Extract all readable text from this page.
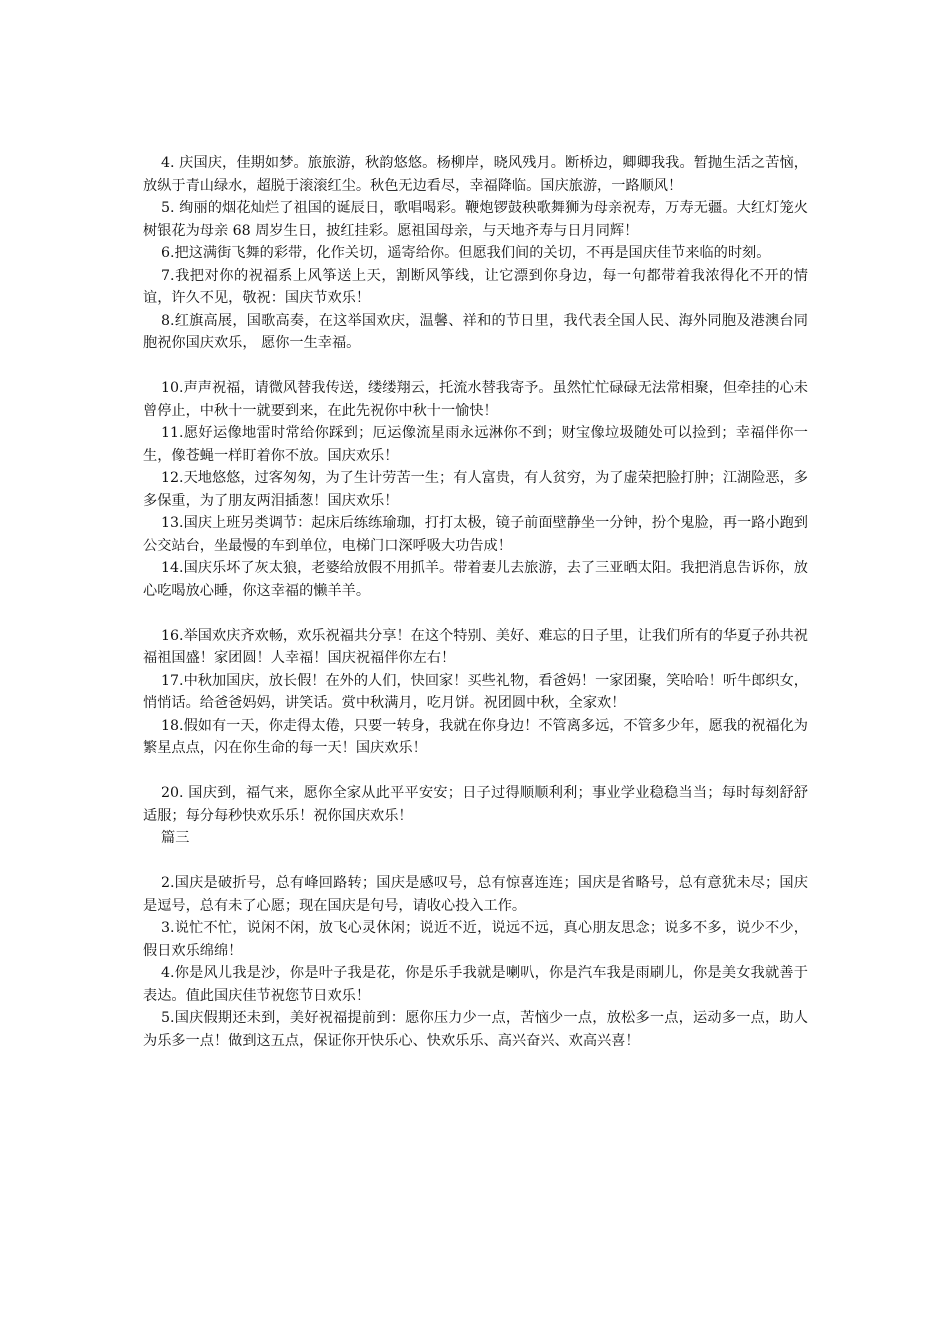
4. 庆国庆，佳期如梦。旅旅游，秋韵悠悠。杨柳岸，晓风残月。断桥边，卿卿我我。暂抛生活之苦恼，放纵于青山绿水，超脱于滚滚红尘。秋色无边看尽，幸福降临。国庆旅游，一路顺风！

5. 绚丽的烟花灿烂了祖国的诞辰日，歌唱喝彩。鞭炮锣鼓秧歌舞狮为母亲祝寿，万寿无疆。大红灯笼火树银花为母亲 68 周岁生日，披红挂彩。愿祖国母亲，与天地齐寿与日月同辉！

6.把这满街飞舞的彩带，化作关切，遥寄给你。但愿我们间的关切，不再是国庆佳节来临的时刻。

7.我把对你的祝福系上风筝送上天，割断风筝线，让它漂到你身边，每一句都带着我浓得化不开的情谊，许久不见，敬祝：国庆节欢乐！

8.红旗高展，国歌高奏，在这举国欢庆，温馨、祥和的节日里，我代表全国人民、海外同胞及港澳台同胞祝你国庆欢乐， 愿你一生幸福。

10.声声祝福，请微风替我传送，缕缕翔云，托流水替我寄予。虽然忙忙碌碌无法常相聚，但牵挂的心未曾停止，中秋十一就要到来，在此先祝你中秋十一愉快！

11.愿好运像地雷时常给你踩到；厄运像流星雨永远淋你不到；财宝像垃圾随处可以捡到；幸福伴你一生，像苍蝇一样盯着你不放。国庆欢乐！

12.天地悠悠，过客匆匆，为了生计劳苦一生；有人富贵，有人贫穷，为了虚荣把脸打肿；江湖险恶，多多保重，为了朋友两泪插葱！国庆欢乐！

13.国庆上班另类调节：起床后练练瑜珈，打打太极，镜子前面壁静坐一分钟，扮个鬼脸，再一路小跑到公交站台，坐最慢的车到单位，电梯门口深呼吸大功告成！

14.国庆乐坏了灰太狼，老婆给放假不用抓羊。带着妻儿去旅游，去了三亚晒太阳。我把消息告诉你，放心吃喝放心睡，你这幸福的懒羊羊。

16.举国欢庆齐欢畅，欢乐祝福共分享！在这个特别、美好、难忘的日子里，让我们所有的华夏子孙共祝福祖国盛！家团圆！人幸福！国庆祝福伴你左右！

17.中秋加国庆，放长假！在外的人们，快回家！买些礼物，看爸妈！一家团聚，笑哈哈！听牛郎织女，悄悄话。给爸爸妈妈，讲笑话。赏中秋满月，吃月饼。祝团圆中秋，全家欢！

18.假如有一天，你走得太倦，只要一转身，我就在你身边！不管离多远，不管多少年，愿我的祝福化为繁星点点，闪在你生命的每一天！国庆欢乐！

20. 国庆到，福气来，愿你全家从此平平安安；日子过得顺顺利利；事业学业稳稳当当；每时每刻舒舒适服；每分每秒快欢乐乐！祝你国庆欢乐！

篇三

2.国庆是破折号，总有峰回路转；国庆是感叹号，总有惊喜连连；国庆是省略号，总有意犹未尽；国庆是逗号，总有未了心愿；现在国庆是句号，请收心投入工作。

3.说忙不忙，说闲不闲，放飞心灵休闲；说近不近，说远不远，真心朋友思念；说多不多，说少不少，假日欢乐绵绵！

4.你是风儿我是沙，你是叶子我是花，你是乐手我就是喇叭，你是汽车我是雨刷儿，你是美女我就善于表达。值此国庆佳节祝您节日欢乐！

5.国庆假期还未到，美好祝福提前到：愿你压力少一点，苦恼少一点，放松多一点，运动多一点，助人为乐多一点！做到这五点，保证你开快乐心、快欢乐乐、高兴奋兴、欢高兴喜！
